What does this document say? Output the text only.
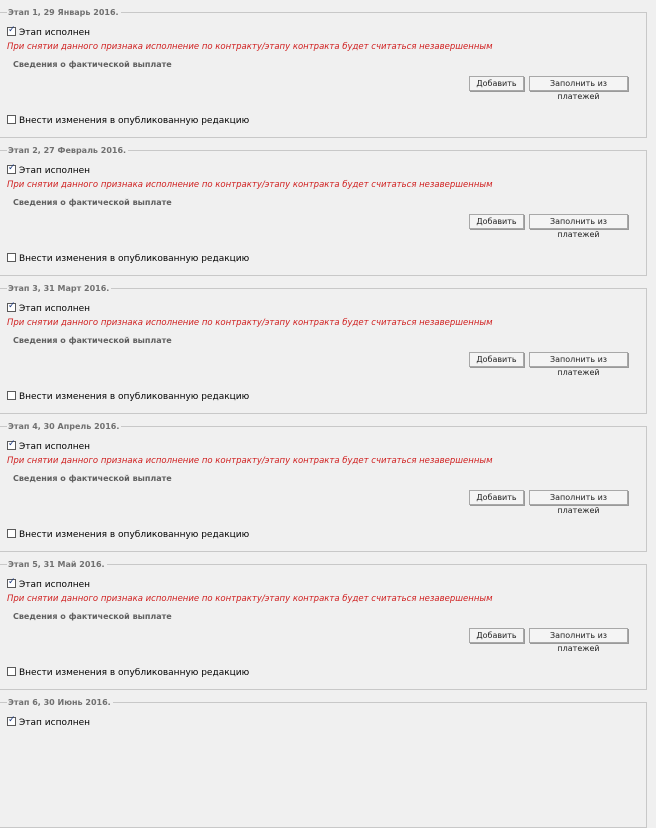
Этап 1, 29 Январь 2016.
✓ Этап исполнен
При снятии данного признака исполнение по контракту/этапу контракта будет считаться незавершенным
Сведения о фактической выплате
Добавить	Заполнить из платежей
Внести изменения в опубликованную редакцию
Этап 2, 27 Февраль 2016.
✓ Этап исполнен
При снятии данного признака исполнение по контракту/этапу контракта будет считаться незавершенным
Сведения о фактической выплате
Добавить	Заполнить из платежей
Внести изменения в опубликованную редакцию
Этап 3, 31 Март 2016.
✓ Этап исполнен
При снятии данного признака исполнение по контракту/этапу контракта будет считаться незавершенным
Сведения о фактической выплате
Добавить	Заполнить из платежей
Внести изменения в опубликованную редакцию
Этап 4, 30 Апрель 2016.
✓ Этап исполнен
При снятии данного признака исполнение по контракту/этапу контракта будет считаться незавершенным
Сведения о фактической выплате
Добавить	Заполнить из платежей
Внести изменения в опубликованную редакцию
Этап 5, 31 Май 2016.
✓ Этап исполнен
При снятии данного признака исполнение по контракту/этапу контракта будет считаться незавершенным
Сведения о фактической выплате
Добавить	Заполнить из платежей
Внести изменения в опубликованную редакцию
Этап 6, 30 Июнь 2016.
✓ Этап исполнен
